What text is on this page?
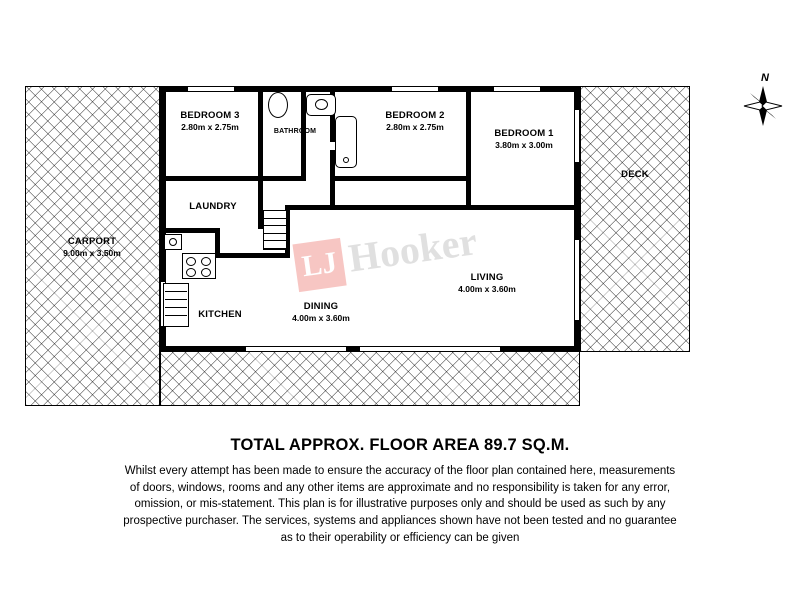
BEDROOM 3
2.80m x 2.75m	BATHROOM
BEDROOM 2
2.80m x 2.75m
BEDROOM 1
3.80m x 3.00m
DECK
LAUNDRY
CARPORT
9.00m x 3.50m
LIVING
4.00m x 3.60m
DINING
4.00m x 3.60m
KITCHEN
LJ Hooker
N
TOTAL APPROX. FLOOR AREA 89.7 SQ.M.
Whilst every attempt has been made to ensure the accuracy of the floor plan contained here, measurements of doors, windows, rooms and any other items are approximate and no responsibility is taken for any error, omission, or mis-statement. This plan is for illustrative purposes only and should be used as such by any prospective purchaser. The services, systems and appliances shown have not been tested and no guarantee as to their operability or efficiency can be given
